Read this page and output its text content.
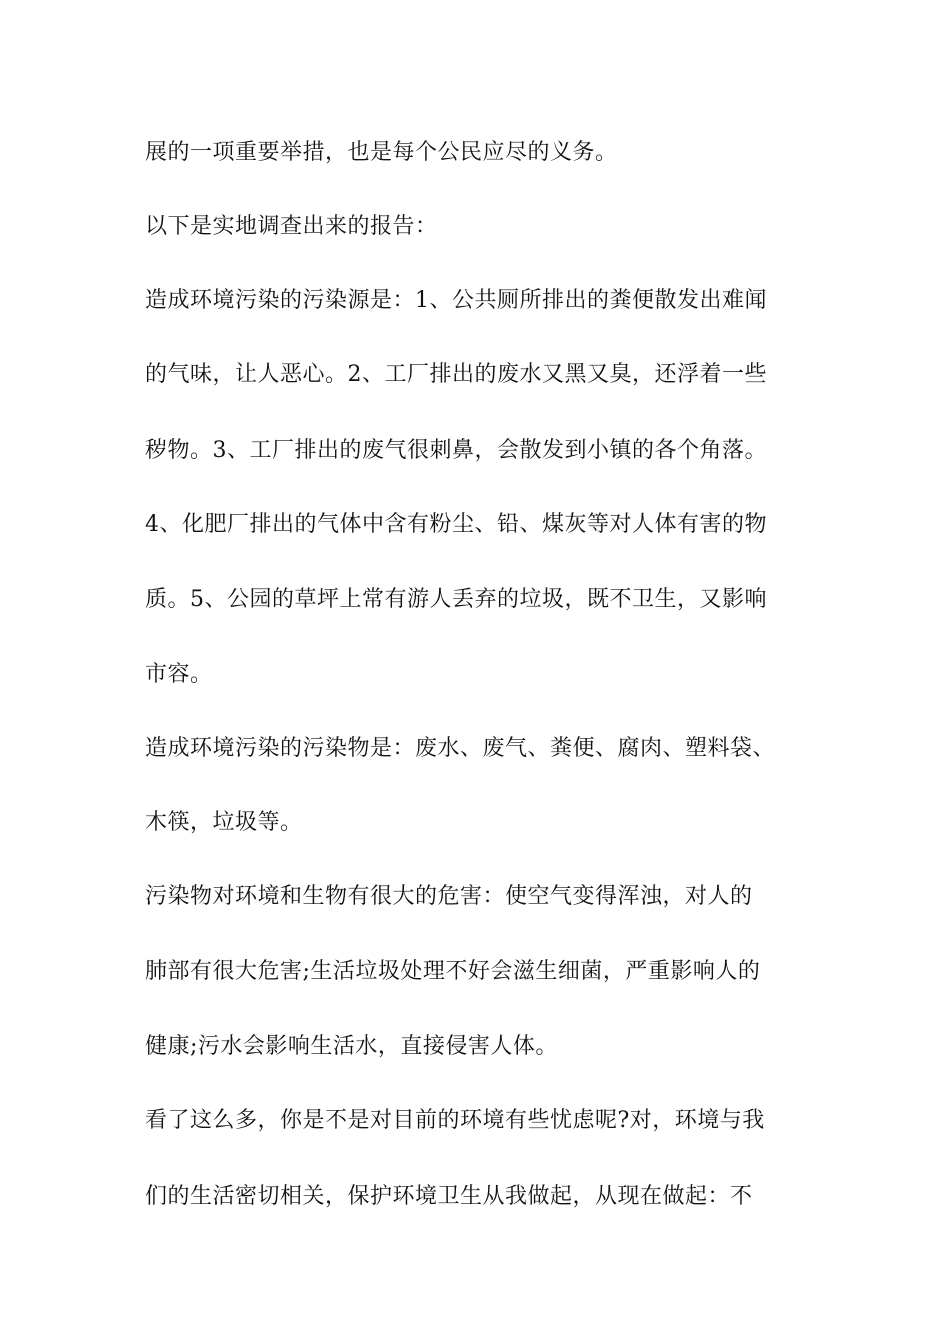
展的一项重要举措，也是每个公民应尽的义务。
以下是实地调查出来的报告：
造成环境污染的污染源是：1、公共厕所排出的粪便散发出难闻
的气味，让人恶心。2、工厂排出的废水又黑又臭，还浮着一些
秽物。3、工厂排出的废气很刺鼻，会散发到小镇的各个角落。
4、化肥厂排出的气体中含有粉尘、铅、煤灰等对人体有害的物
质。5、公园的草坪上常有游人丢弃的垃圾，既不卫生，又影响
市容。
造成环境污染的污染物是：废水、废气、粪便、腐肉、塑料袋、
木筷，垃圾等。
污染物对环境和生物有很大的危害：使空气变得浑浊，对人的
肺部有很大危害;生活垃圾处理不好会滋生细菌，严重影响人的
健康;污水会影响生活水，直接侵害人体。
看了这么多，你是不是对目前的环境有些忧虑呢?对，环境与我
们的生活密切相关，保护环境卫生从我做起，从现在做起：不
